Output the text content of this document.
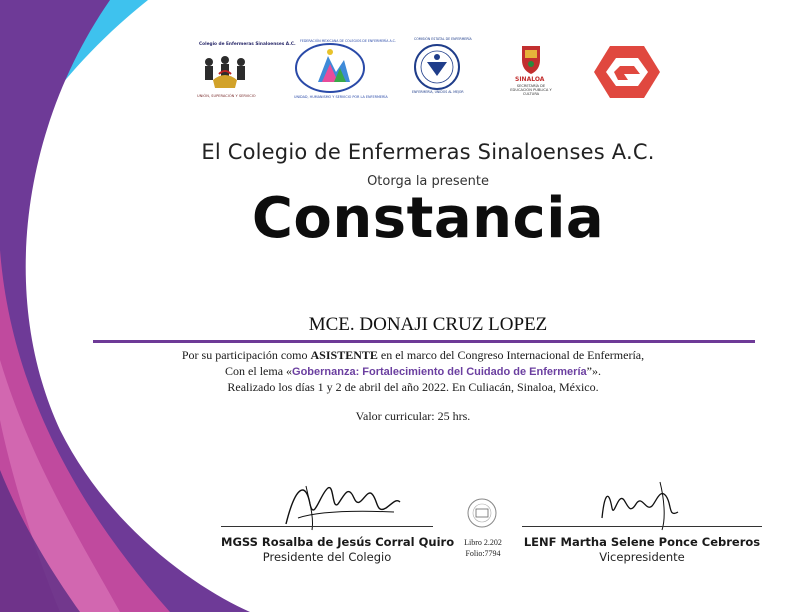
Colegio de Enfermeras Sinaloenses A.C.
UNIÓN, SUPERACIÓN Y SERVICIO	UNIDAD, HUMANISMO Y SERVICIO POR LA ENFERMERÍA
FEDERACIÓN MEXICANA DE COLEGIOS DE ENFERMERÍA A.C.
ENFERMERÍA, UNIDOS AL MEJOR
COMISIÓN ESTATAL DE ENFERMERÍA
SINALOA
SECRETARÍA DE EDUCACIÓN PÚBLICA Y CULTURA
El Colegio de Enfermeras Sinaloenses A.C.
Otorga la presente
Constancia
MCE. DONAJI CRUZ LOPEZ
Por su participación como ASISTENTE en el marco del Congreso Internacional de Enfermería,
Con el lema «Gobernanza: Fortalecimiento del Cuidado de Enfermería”».
Realizado los días 1 y 2 de abril del año 2022. En Culiacán, Sinaloa, México.
Valor curricular: 25 hrs.
MGSS Rosalba de Jesús Corral Quiro
Presidente del Colegio
Libro 2.202
Folio:7794
LENF Martha Selene Ponce Cebreros
Vicepresidente
